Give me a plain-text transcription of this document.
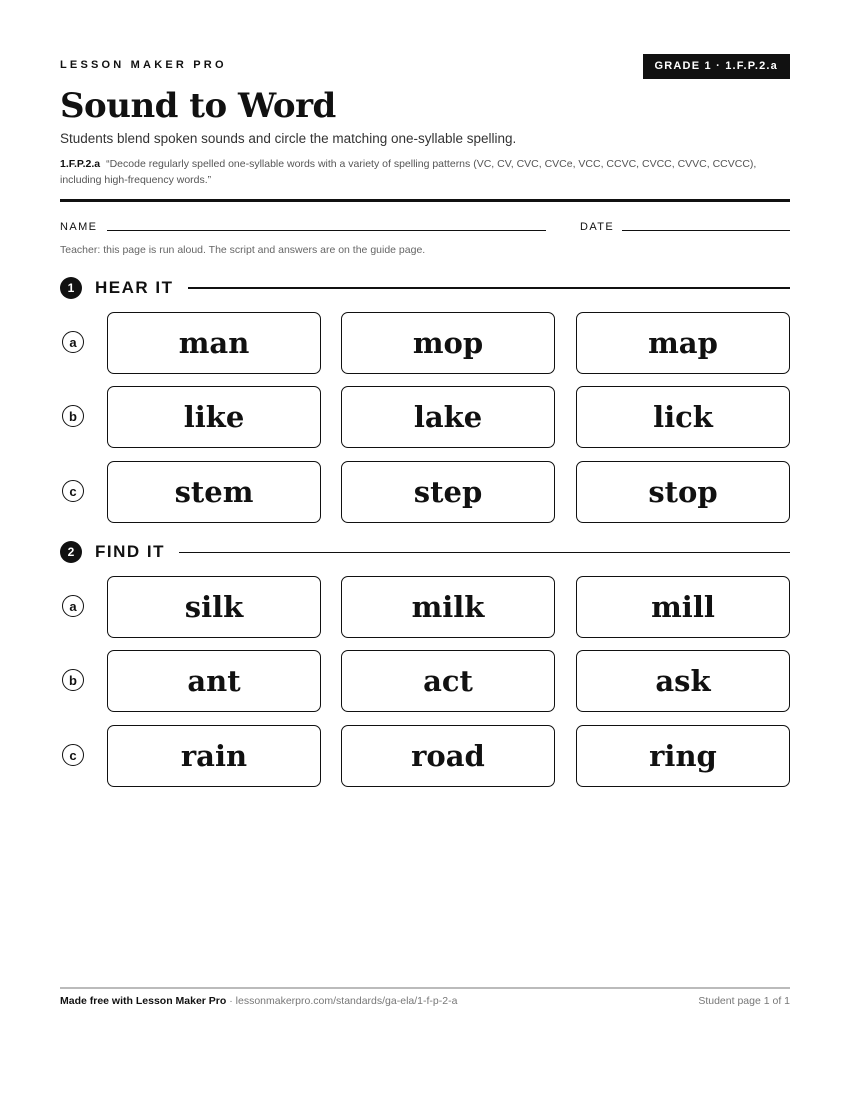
LESSON MAKER PRO	GRADE 1 · 1.F.P.2.a
Sound to Word
Students blend spoken sounds and circle the matching one-syllable spelling.
1.F.P.2.a “Decode regularly spelled one-syllable words with a variety of spelling patterns (VC, CV, CVC, CVCe, VCC, CCVC, CVCC, CVVC, CCVCC), including high-frequency words.”
NAME	DATE
Teacher: this page is run aloud. The script and answers are on the guide page.
1	HEAR IT
a	man	mop	map
b	like	lake	lick
c	stem	step	stop
2	FIND IT
a	silk	milk	mill
b	ant	act	ask
c	rain	road	ring
Made free with Lesson Maker Pro · lessonmakerpro.com/standards/ga-ela/1-f-p-2-a	Student page 1 of 1
